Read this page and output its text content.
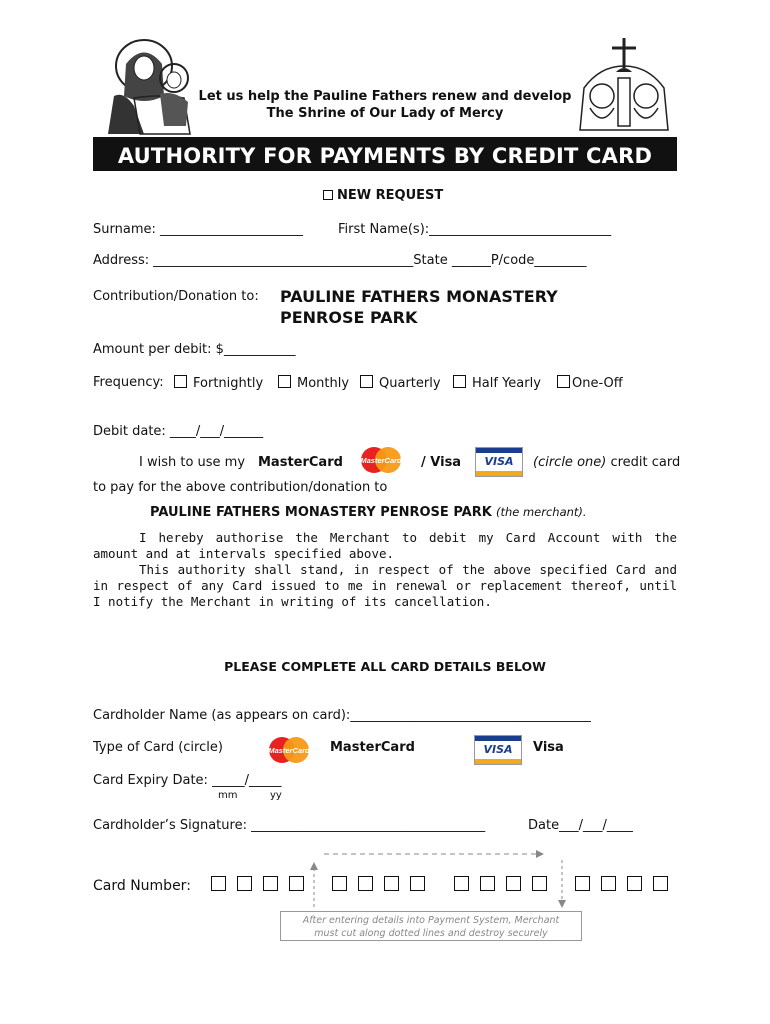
Let us help the Pauline Fathers renew and develop
The Shrine of Our Lady of Mercy
AUTHORITY FOR PAYMENTS BY CREDIT CARD
NEW REQUEST
Surname: ______________________	First Name(s):____________________________
Address: ________________________________________State ______P/code________
Contribution/Donation to: PAULINE FATHERS MONASTERY
PENROSE PARK
Amount per debit: $___________
Frequency:	Fortnightly	Monthly	Quarterly	Half Yearly	One-Off
Debit date: ____/___/______
I wish to use my MasterCard MasterCard / Visa	VISA	(circle one) credit card
to pay for the above contribution/donation to
PAULINE FATHERS MONASTERY PENROSE PARK (the merchant).
I hereby authorise the Merchant to debit my Card Account with the amount and at intervals specified above.
This authority shall stand, in respect of the above specified Card and in respect of any Card issued to me in renewal or replacement thereof, until I notify the Merchant in writing of its cancellation.
PLEASE COMPLETE ALL CARD DETAILS BELOW
Cardholder Name (as appears on card):_____________________________________
Type of Card (circle)	MasterCard MasterCard	VISA	Visa
Card Expiry Date: _____/_____
mm	yy
Cardholder’s Signature: ____________________________________	Date___/___/____
Card Number:
After entering details into Payment System, Merchant
must cut along dotted lines and destroy securely
